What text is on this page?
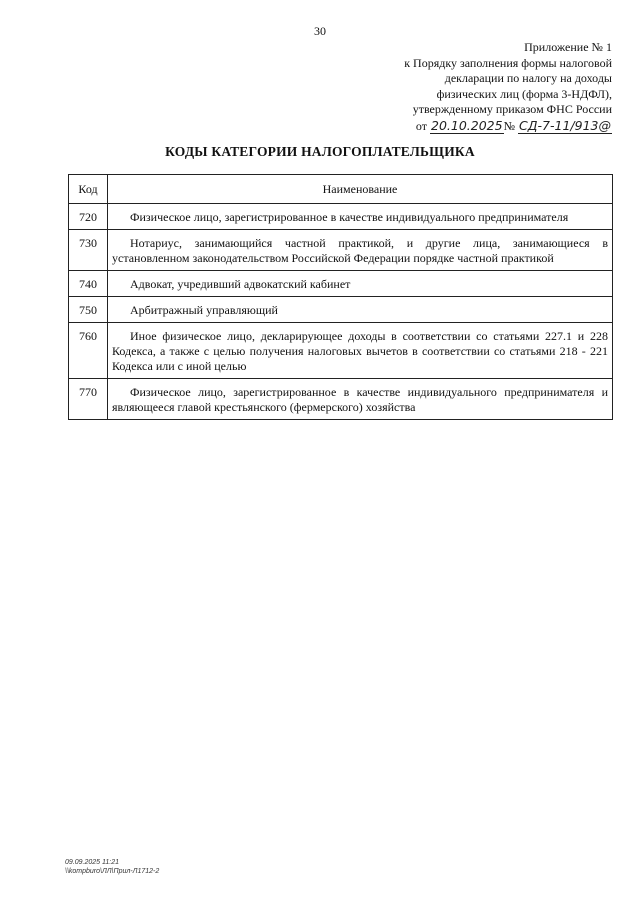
30
Приложение № 1
к Порядку заполнения формы налоговой
декларации по налогу на доходы
физических лиц (форма 3-НДФЛ),
утвержденному приказом ФНС России
от 20.10.2025№ СД-7-11/913@
КОДЫ КАТЕГОРИИ НАЛОГОПЛАТЕЛЬЩИКА
Код	Наименование
720	Физическое лицо, зарегистрированное в качестве индивидуального предпринимателя
730	Нотариус, занимающийся частной практикой, и другие лица, занимающиеся в установленном законодательством Российской Федерации порядке частной практикой
740	Адвокат, учредивший адвокатский кабинет
750	Арбитражный управляющий
760	Иное физическое лицо, декларирующее доходы в соответствии со статьями 227.1 и 228 Кодекса, а также с целью получения налоговых вычетов в соответствии со статьями 218 - 221 Кодекса или с иной целью
770	Физическое лицо, зарегистрированное в качестве индивидуального предпринимателя и являющееся главой крестьянского (фермерского) хозяйства
09.09.2025 11:21
\\kompburo\ЛЛ\Прил-Л1712-2
